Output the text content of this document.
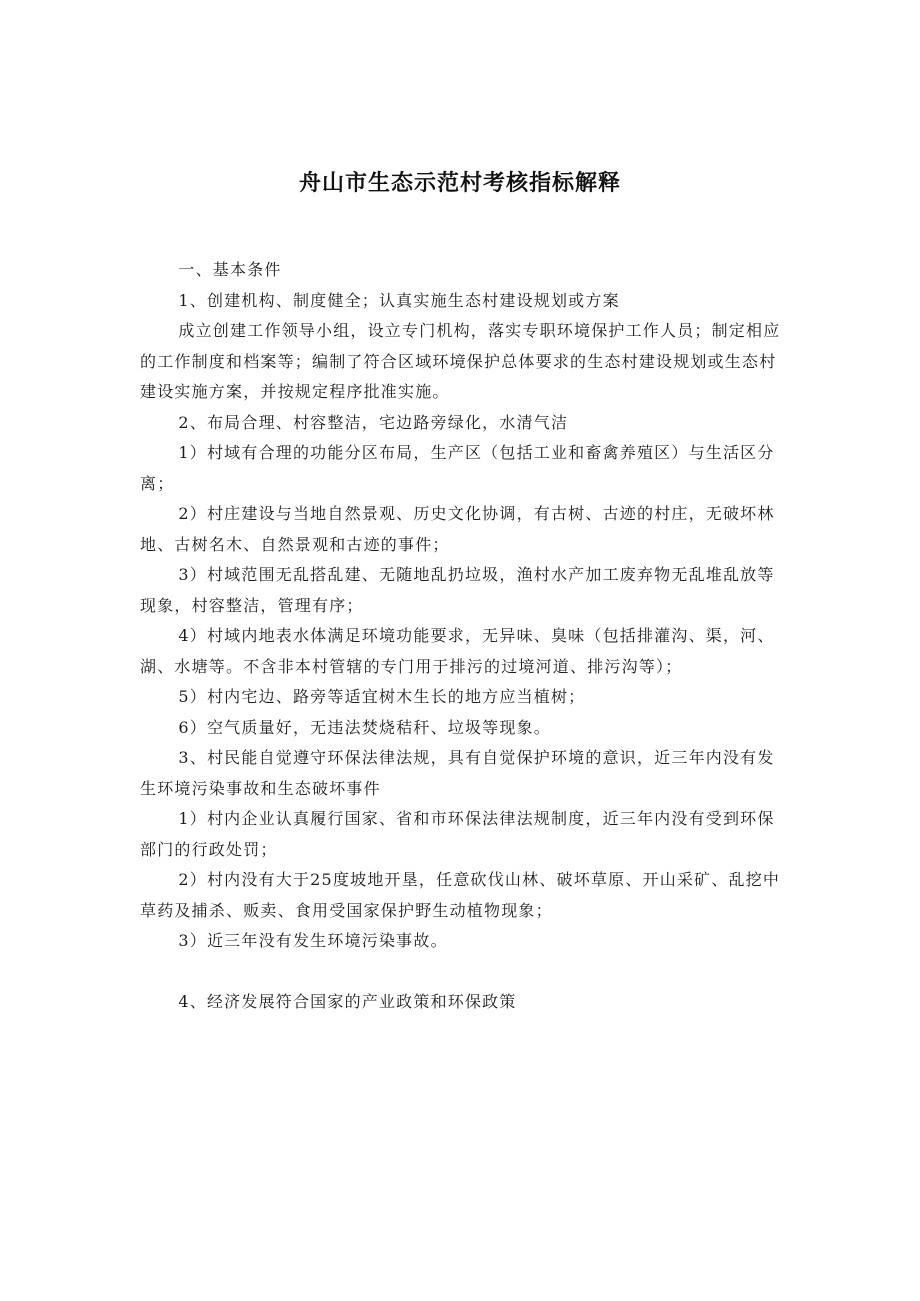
舟山市生态示范村考核指标解释

一、基本条件

1、创建机构、制度健全；认真实施生态村建设规划或方案

成立创建工作领导小组，设立专门机构，落实专职环境保护工作人员；制定相应的工作制度和档案等；编制了符合区域环境保护总体要求的生态村建设规划或生态村建设实施方案，并按规定程序批准实施。

2、布局合理、村容整洁，宅边路旁绿化，水清气洁

1）村域有合理的功能分区布局，生产区（包括工业和畜禽养殖区）与生活区分离；

2）村庄建设与当地自然景观、历史文化协调，有古树、古迹的村庄，无破坏林地、古树名木、自然景观和古迹的事件；

3）村域范围无乱搭乱建、无随地乱扔垃圾，渔村水产加工废弃物无乱堆乱放等现象，村容整洁，管理有序；

4）村域内地表水体满足环境功能要求，无异味、臭味（包括排灌沟、渠，河、湖、水塘等。不含非本村管辖的专门用于排污的过境河道、排污沟等）；

5）村内宅边、路旁等适宜树木生长的地方应当植树；

6）空气质量好，无违法焚烧秸秆、垃圾等现象。

3、村民能自觉遵守环保法律法规，具有自觉保护环境的意识，近三年内没有发生环境污染事故和生态破坏事件

1）村内企业认真履行国家、省和市环保法律法规制度，近三年内没有受到环保部门的行政处罚；

2）村内没有大于25度坡地开垦，任意砍伐山林、破坏草原、开山采矿、乱挖中草药及捕杀、贩卖、食用受国家保护野生动植物现象；

3）近三年没有发生环境污染事故。

4、经济发展符合国家的产业政策和环保政策
